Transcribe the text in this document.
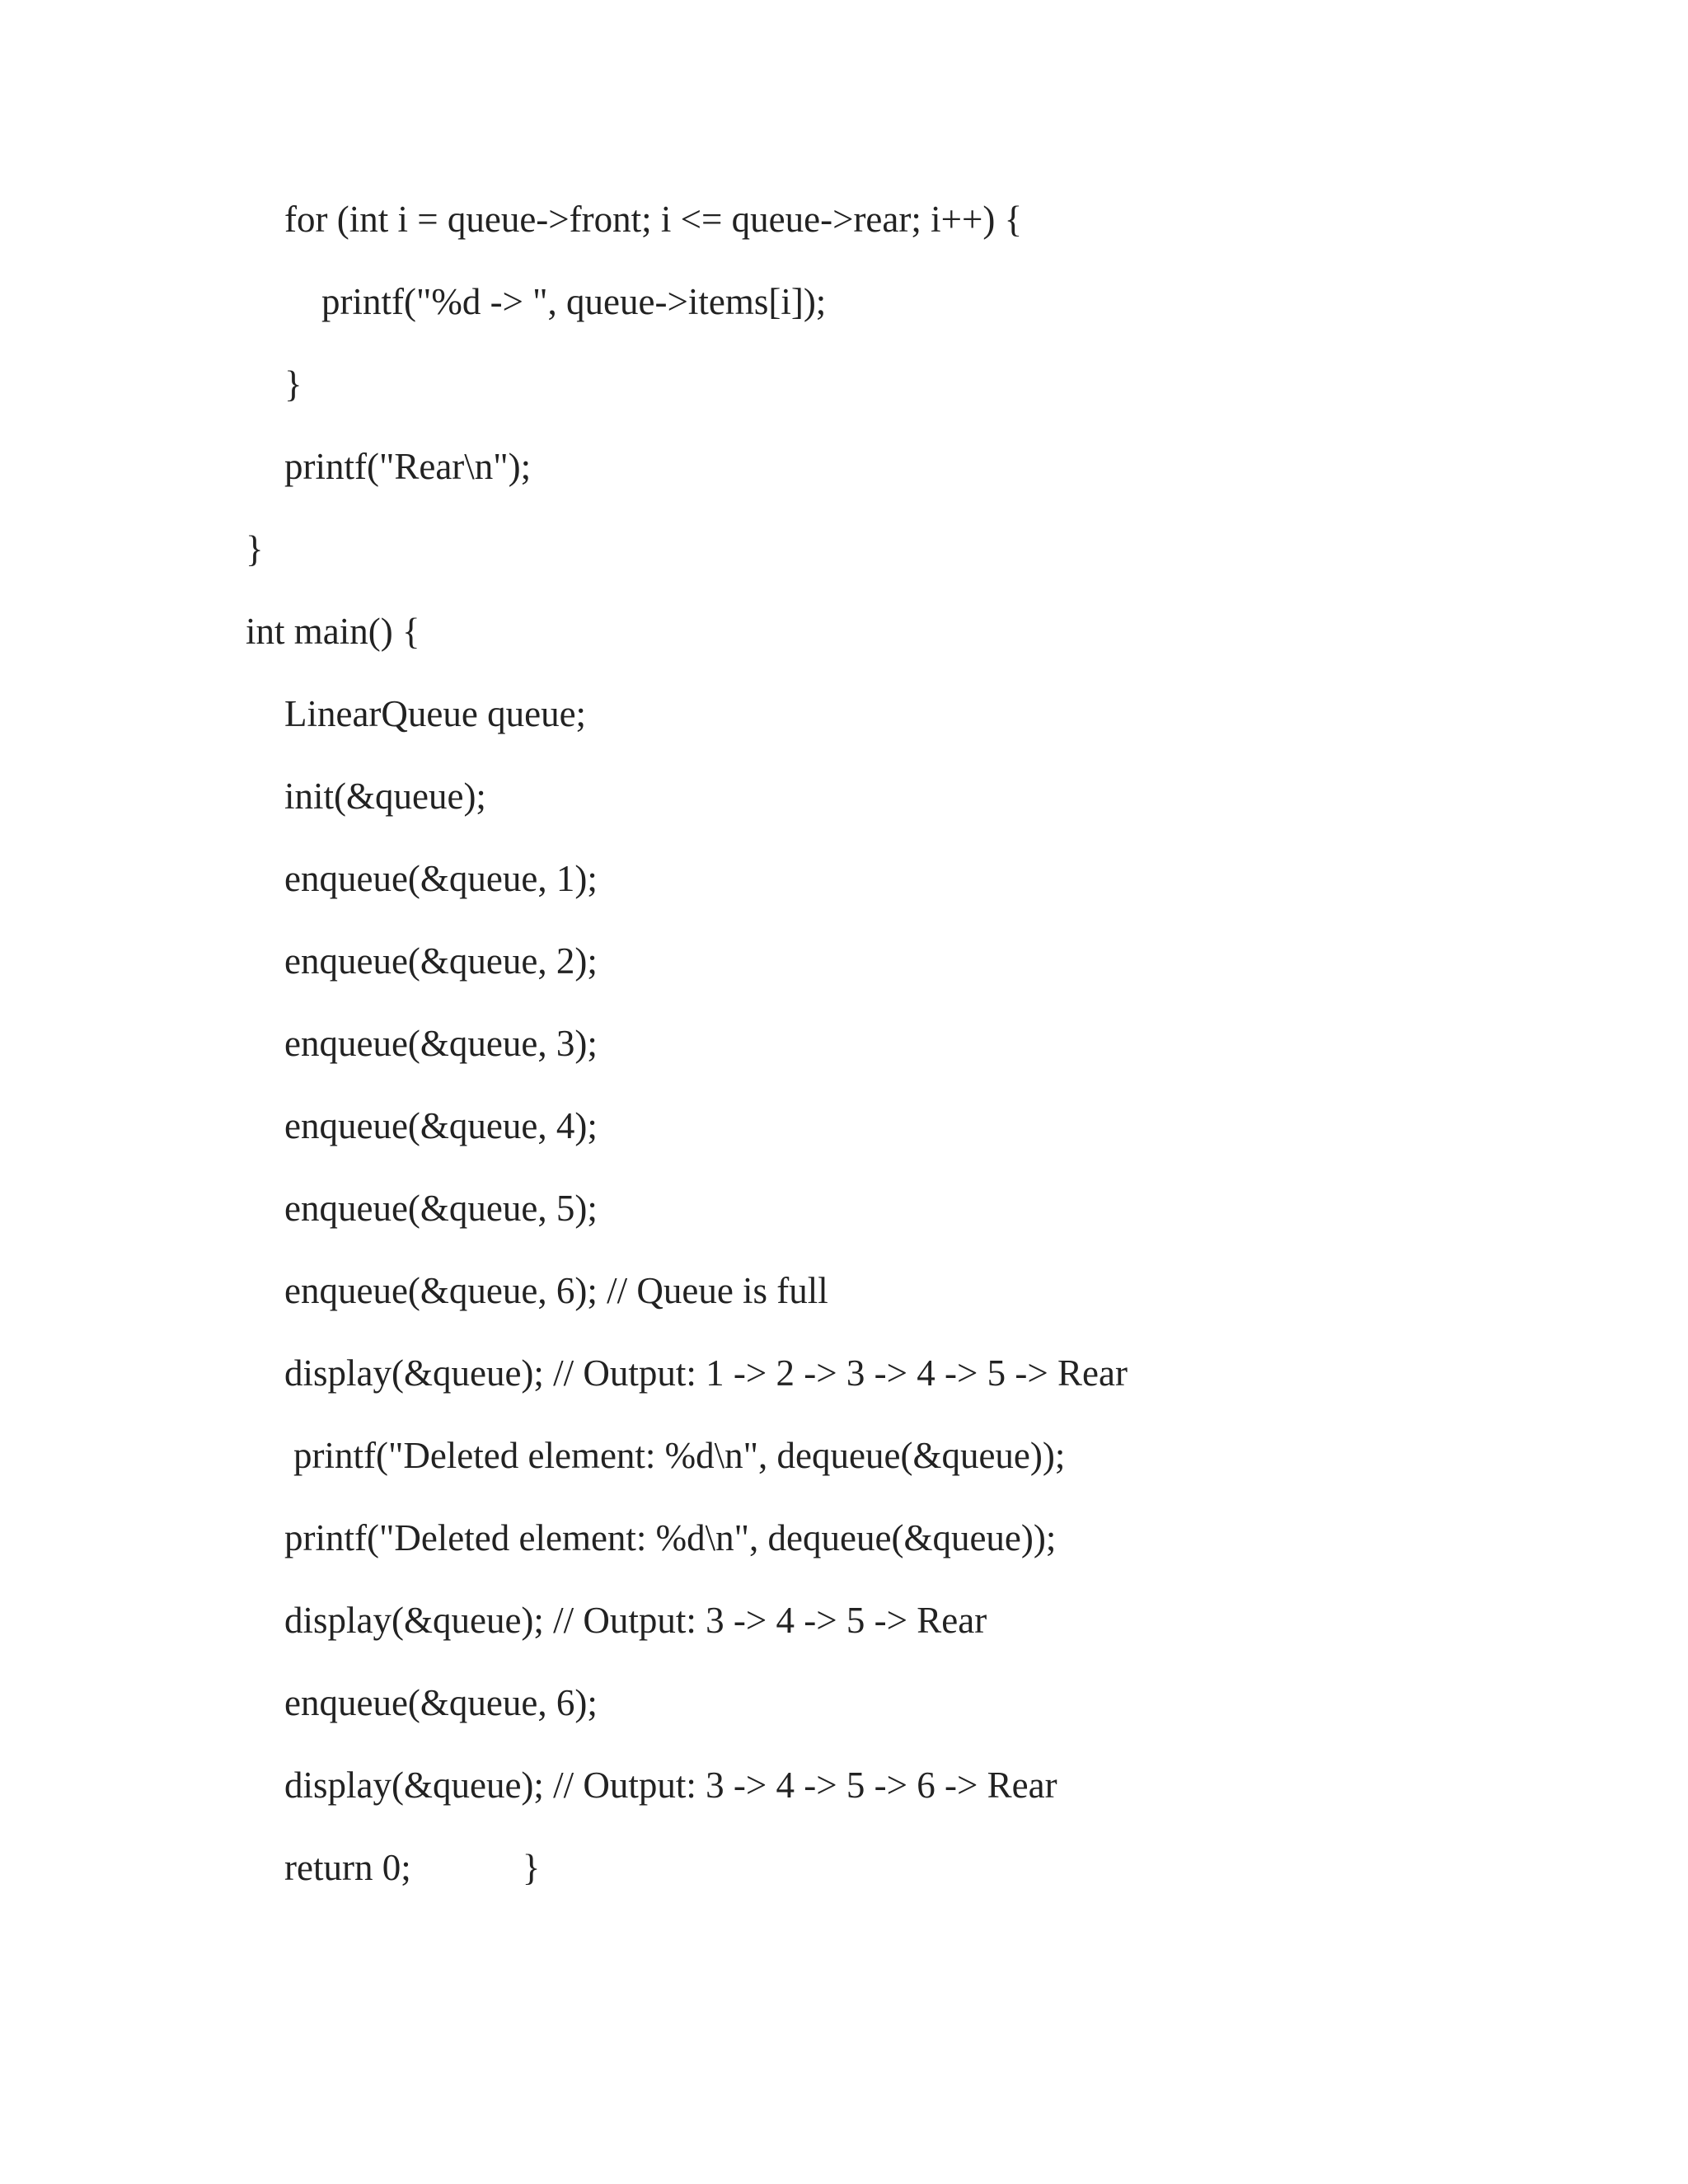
for (int i = queue->front; i <= queue->rear; i++) {
printf("%d -> ", queue->items[i]);
}
printf("Rear\n");
}
int main() {
LinearQueue queue;
init(&queue);
enqueue(&queue, 1);
enqueue(&queue, 2);
enqueue(&queue, 3);
enqueue(&queue, 4);
enqueue(&queue, 5);
enqueue(&queue, 6); // Queue is full
display(&queue); // Output: 1 -> 2 -> 3 -> 4 -> 5 -> Rear
printf("Deleted element: %d\n", dequeue(&queue));
printf("Deleted element: %d\n", dequeue(&queue));
display(&queue); // Output: 3 -> 4 -> 5 -> Rear
enqueue(&queue, 6);
display(&queue); // Output: 3 -> 4 -> 5 -> 6 -> Rear
return 0;            }
